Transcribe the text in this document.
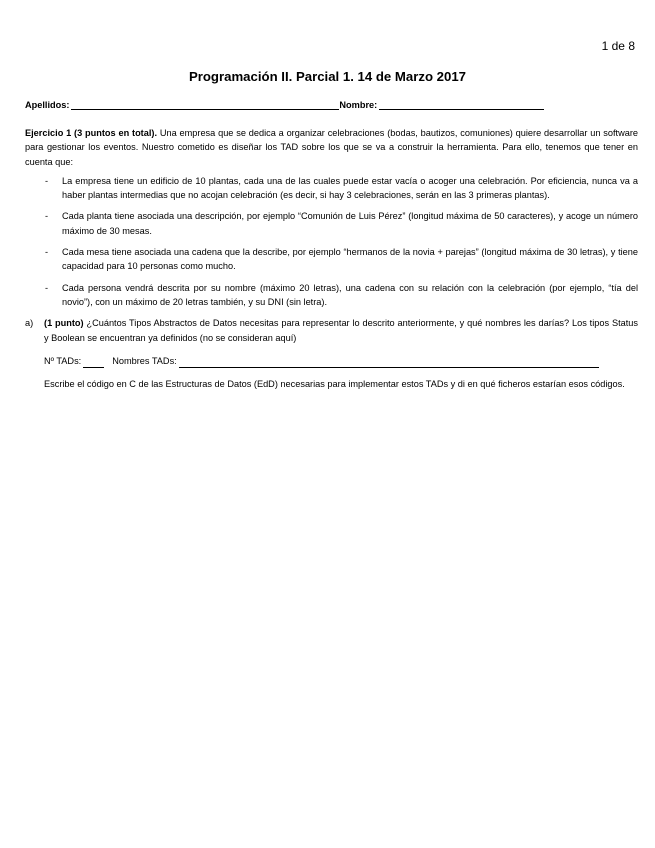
1 de 8
Programación II. Parcial 1. 14 de Marzo 2017
Apellidos:	Nombre:

Ejercicio 1 (3 puntos en total). Una empresa que se dedica a organizar celebraciones (bodas, bautizos, comuniones) quiere desarrollar un software para gestionar los eventos. Nuestro cometido es diseñar los TAD sobre los que se va a construir la herramienta. Para ello, tenemos que tener en cuenta que:

- La empresa tiene un edificio de 10 plantas, cada una de las cuales puede estar vacía o acoger una celebración. Por eficiencia, nunca va a haber plantas intermedias que no acojan celebración (es decir, si hay 3 celebraciones, serán en las 3 primeras plantas).
- Cada planta tiene asociada una descripción, por ejemplo “Comunión de Luis Pérez” (longitud máxima de 50 caracteres), y acoge un número máximo de 30 mesas.
- Cada mesa tiene asociada una cadena que la describe, por ejemplo “hermanos de la novia + parejas” (longitud máxima de 30 letras), y tiene capacidad para 10 personas como mucho.
- Cada persona vendrá descrita por su nombre (máximo 20 letras), una cadena con su relación con la celebración (por ejemplo, “tía del novio”), con un máximo de 20 letras también, y su DNI (sin letra).
a) (1 punto) ¿Cuántos Tipos Abstractos de Datos necesitas para representar lo descrito anteriormente, y qué nombres les darías? Los tipos Status y Boolean se encuentran ya definidos (no se consideran aquí)
Nº TADs:	Nombres TADs:
Escribe el código en C de las Estructuras de Datos (EdD) necesarias para implementar estos TADs y di en qué ficheros estarían esos códigos.
